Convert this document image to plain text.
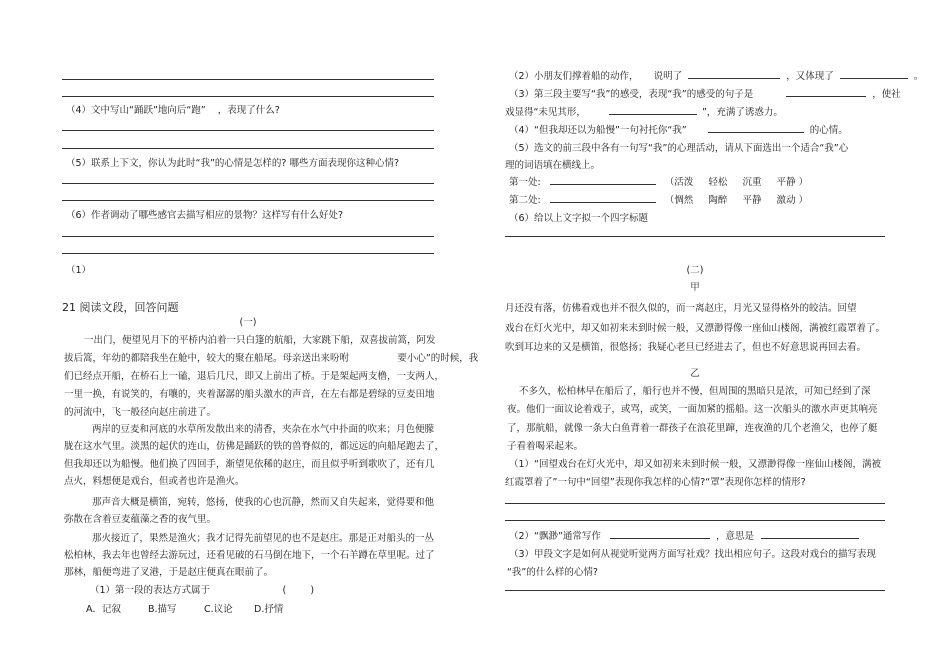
（4）文中写山“踊跃”地向后“跑”    ，表现了什么?
（5）联系上下文，你认为此时“我”的心情是怎样的? 哪些方面表现你这种心情?
（6）作者调动了哪些感官去描写相应的景物？这样写有什么好处?
（1）
21 阅读文段，回答问题
(一)
一出门，便望见月下的平桥内泊着一只白篷的航船，大家跳下船，双喜拔前篙，阿发
拔后篙，年幼的都陪我坐在舱中，较大的聚在船尾。母亲送出来吩咐                要小心”的时候，我
们已经点开船，在桥石上一磕，退后几尺，即又上前出了桥。于是架起两支橹，一支两人，
一里一换，有说笑的，有嚷的，夹着潺潺的船头激水的声音，在左右都是碧绿的豆麦田地
的河流中，飞一般径向赵庄前进了。
两岸的豆麦和河底的水草所发散出来的清香，夹杂在水气中扑面的吹来；月色便朦
胧在这水气里。淡黑的起伏的连山，仿佛是踊跃的铁的兽脊似的，都远远的向船尾跑去了，
但我却还以为船慢。他们换了四回手，渐望见依稀的赵庄，而且似乎听到歌吹了，还有几
点火，料想便是戏台，但或者也许是渔火。
那声音大概是横笛，宛转，悠扬，使我的心也沉静，然而又自失起来，觉得要和他
弥散在含着豆麦蕴藻之香的夜气里。
那火接近了，果然是渔火；我才记得先前望见的也不是赵庄。那是正对船头的一丛
松柏林，我去年也曾经去游玩过，还看见破的石马倒在地下，一个石羊蹲在草里呢。过了
那林，船便弯进了叉港，于是赵庄便真在眼前了。
（1）第一段的表达方式属于                        (        )
A．记叙	B.描写	C.议论 D.抒情
（2）小朋友们撑着船的动作，     说明了	，又体现了	。
（3）第三段主要写“我”的感受，表现“我”的感受的句子是	，使社
戏显得“未见其形，	”，充满了诱惑力。
（4）“但我却还以为船慢”一句衬托你“我”	的心情。
（5）选文的前三段中各有一句写“我”的心理活动，请从下面选出一个适合“我”心
理的词语填在横线上。
第一处:	（活泼     轻松     沉重     平静 ）
第二处:	（惆然     陶醉     平静     激动 ）
（6）给以上文字拟一个四字标题
(二)
甲
月还没有落，仿佛看戏也并不很久似的，而一离赵庄，月光又显得格外的皎洁。回望
戏台在灯火光中，却又如初来未到时候一般，又漂渺得像一座仙山楼阁，满被红霞罩着了。
吹到耳边来的又是横笛，很悠扬；我疑心老旦已经进去了，但也不好意思说再回去看。
乙
不多久，松柏林早在船后了，船行也并不慢，但周围的黑暗只是浓，可知已经到了深
夜。他们一面议论着戏子，或骂，或笑，一面加紧的摇船。这一次船头的激水声更其响亮
了，那航船，就像一条大白鱼背着一群孩子在浪花里蹿，连夜渔的几个老渔父，也停了艇
子看着喝采起来。
（1）“回望戏台在灯火光中，却又如初来未到时候一般，又漂渺得像一座仙山楼阁，满被
红霞罩着了”一句中“回望”表现你我怎样的心情?“罩”表现你怎样的情形?
（2）“飘渺”通常写作	，意思是
（3）甲段文字是如何从视觉听觉两方面写社戏？找出相应句子。这段对戏台的描写表现
“我”的什么样的心情?
